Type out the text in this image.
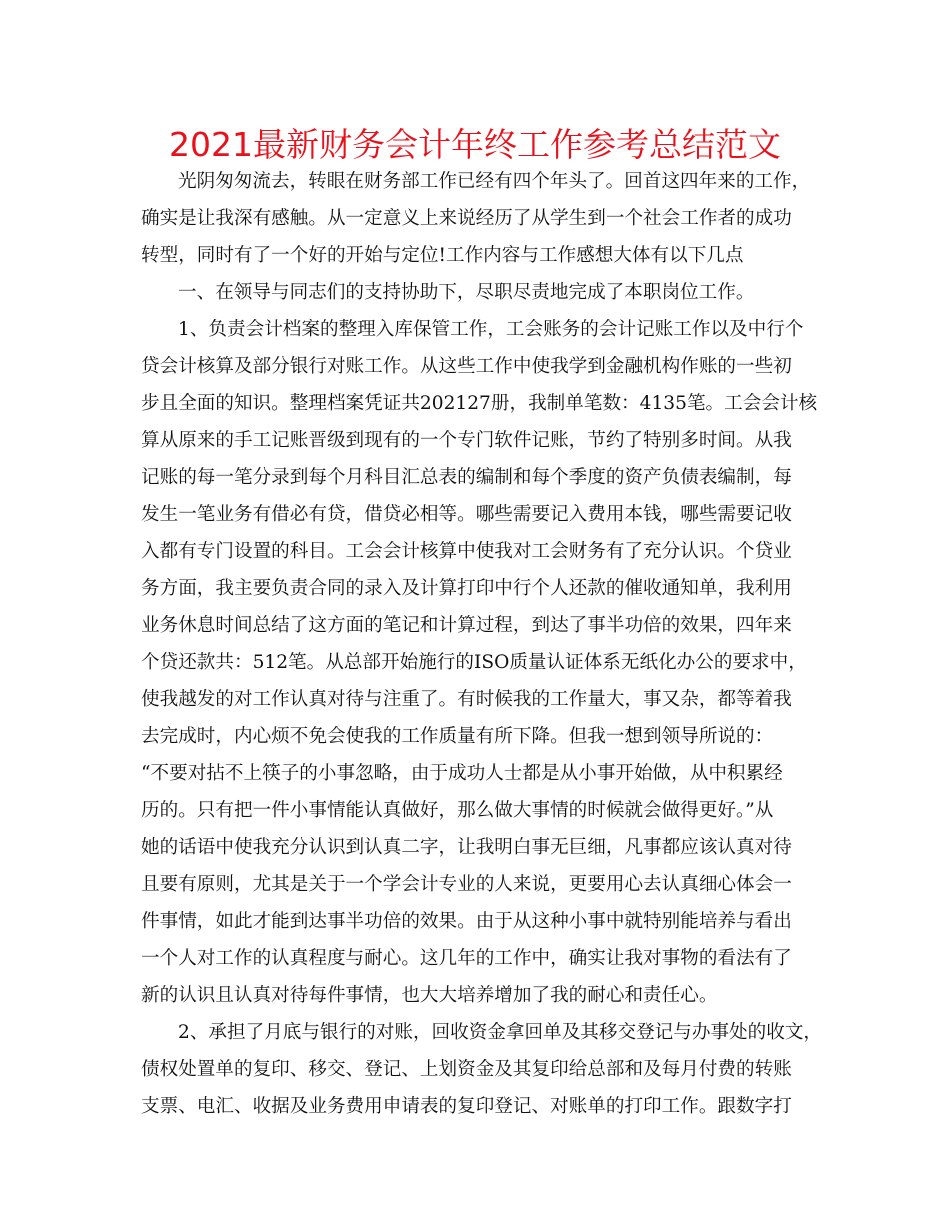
2021最新财务会计年终工作参考总结范文
光阴匆匆流去，转眼在财务部工作已经有四个年头了。回首这四年来的工作，
确实是让我深有感触。从一定意义上来说经历了从学生到一个社会工作者的成功
转型，同时有了一个好的开始与定位!工作内容与工作感想大体有以下几点
一、在领导与同志们的支持协助下，尽职尽责地完成了本职岗位工作。
1、负责会计档案的整理入库保管工作，工会账务的会计记账工作以及中行个
贷会计核算及部分银行对账工作。从这些工作中使我学到金融机构作账的一些初
步且全面的知识。整理档案凭证共202127册，我制单笔数：4135笔。工会会计核
算从原来的手工记账晋级到现有的一个专门软件记账，节约了特别多时间。从我
记账的每一笔分录到每个月科目汇总表的编制和每个季度的资产负债表编制，每
发生一笔业务有借必有贷，借贷必相等。哪些需要记入费用本钱，哪些需要记收
入都有专门设置的科目。工会会计核算中使我对工会财务有了充分认识。个贷业
务方面，我主要负责合同的录入及计算打印中行个人还款的催收通知单，我利用
业务休息时间总结了这方面的笔记和计算过程，到达了事半功倍的效果，四年来
个贷还款共：512笔。从总部开始施行的ISO质量认证体系无纸化办公的要求中，
使我越发的对工作认真对待与注重了。有时候我的工作量大，事又杂，都等着我
去完成时，内心烦不免会使我的工作质量有所下降。但我一想到领导所说的：
“不要对拈不上筷子的小事忽略，由于成功人士都是从小事开始做，从中积累经
历的。只有把一件小事情能认真做好，那么做大事情的时候就会做得更好。”从
她的话语中使我充分认识到认真二字，让我明白事无巨细，凡事都应该认真对待
且要有原则，尤其是关于一个学会计专业的人来说，更要用心去认真细心体会一
件事情，如此才能到达事半功倍的效果。由于从这种小事中就特别能培养与看出
一个人对工作的认真程度与耐心。这几年的工作中，确实让我对事物的看法有了
新的认识且认真对待每件事情，也大大培养增加了我的耐心和责任心。
2、承担了月底与银行的对账，回收资金拿回单及其移交登记与办事处的收文，
债权处置单的复印、移交、登记、上划资金及其复印给总部和及每月付费的转账
支票、电汇、收据及业务费用申请表的复印登记、对账单的打印工作。跟数字打
